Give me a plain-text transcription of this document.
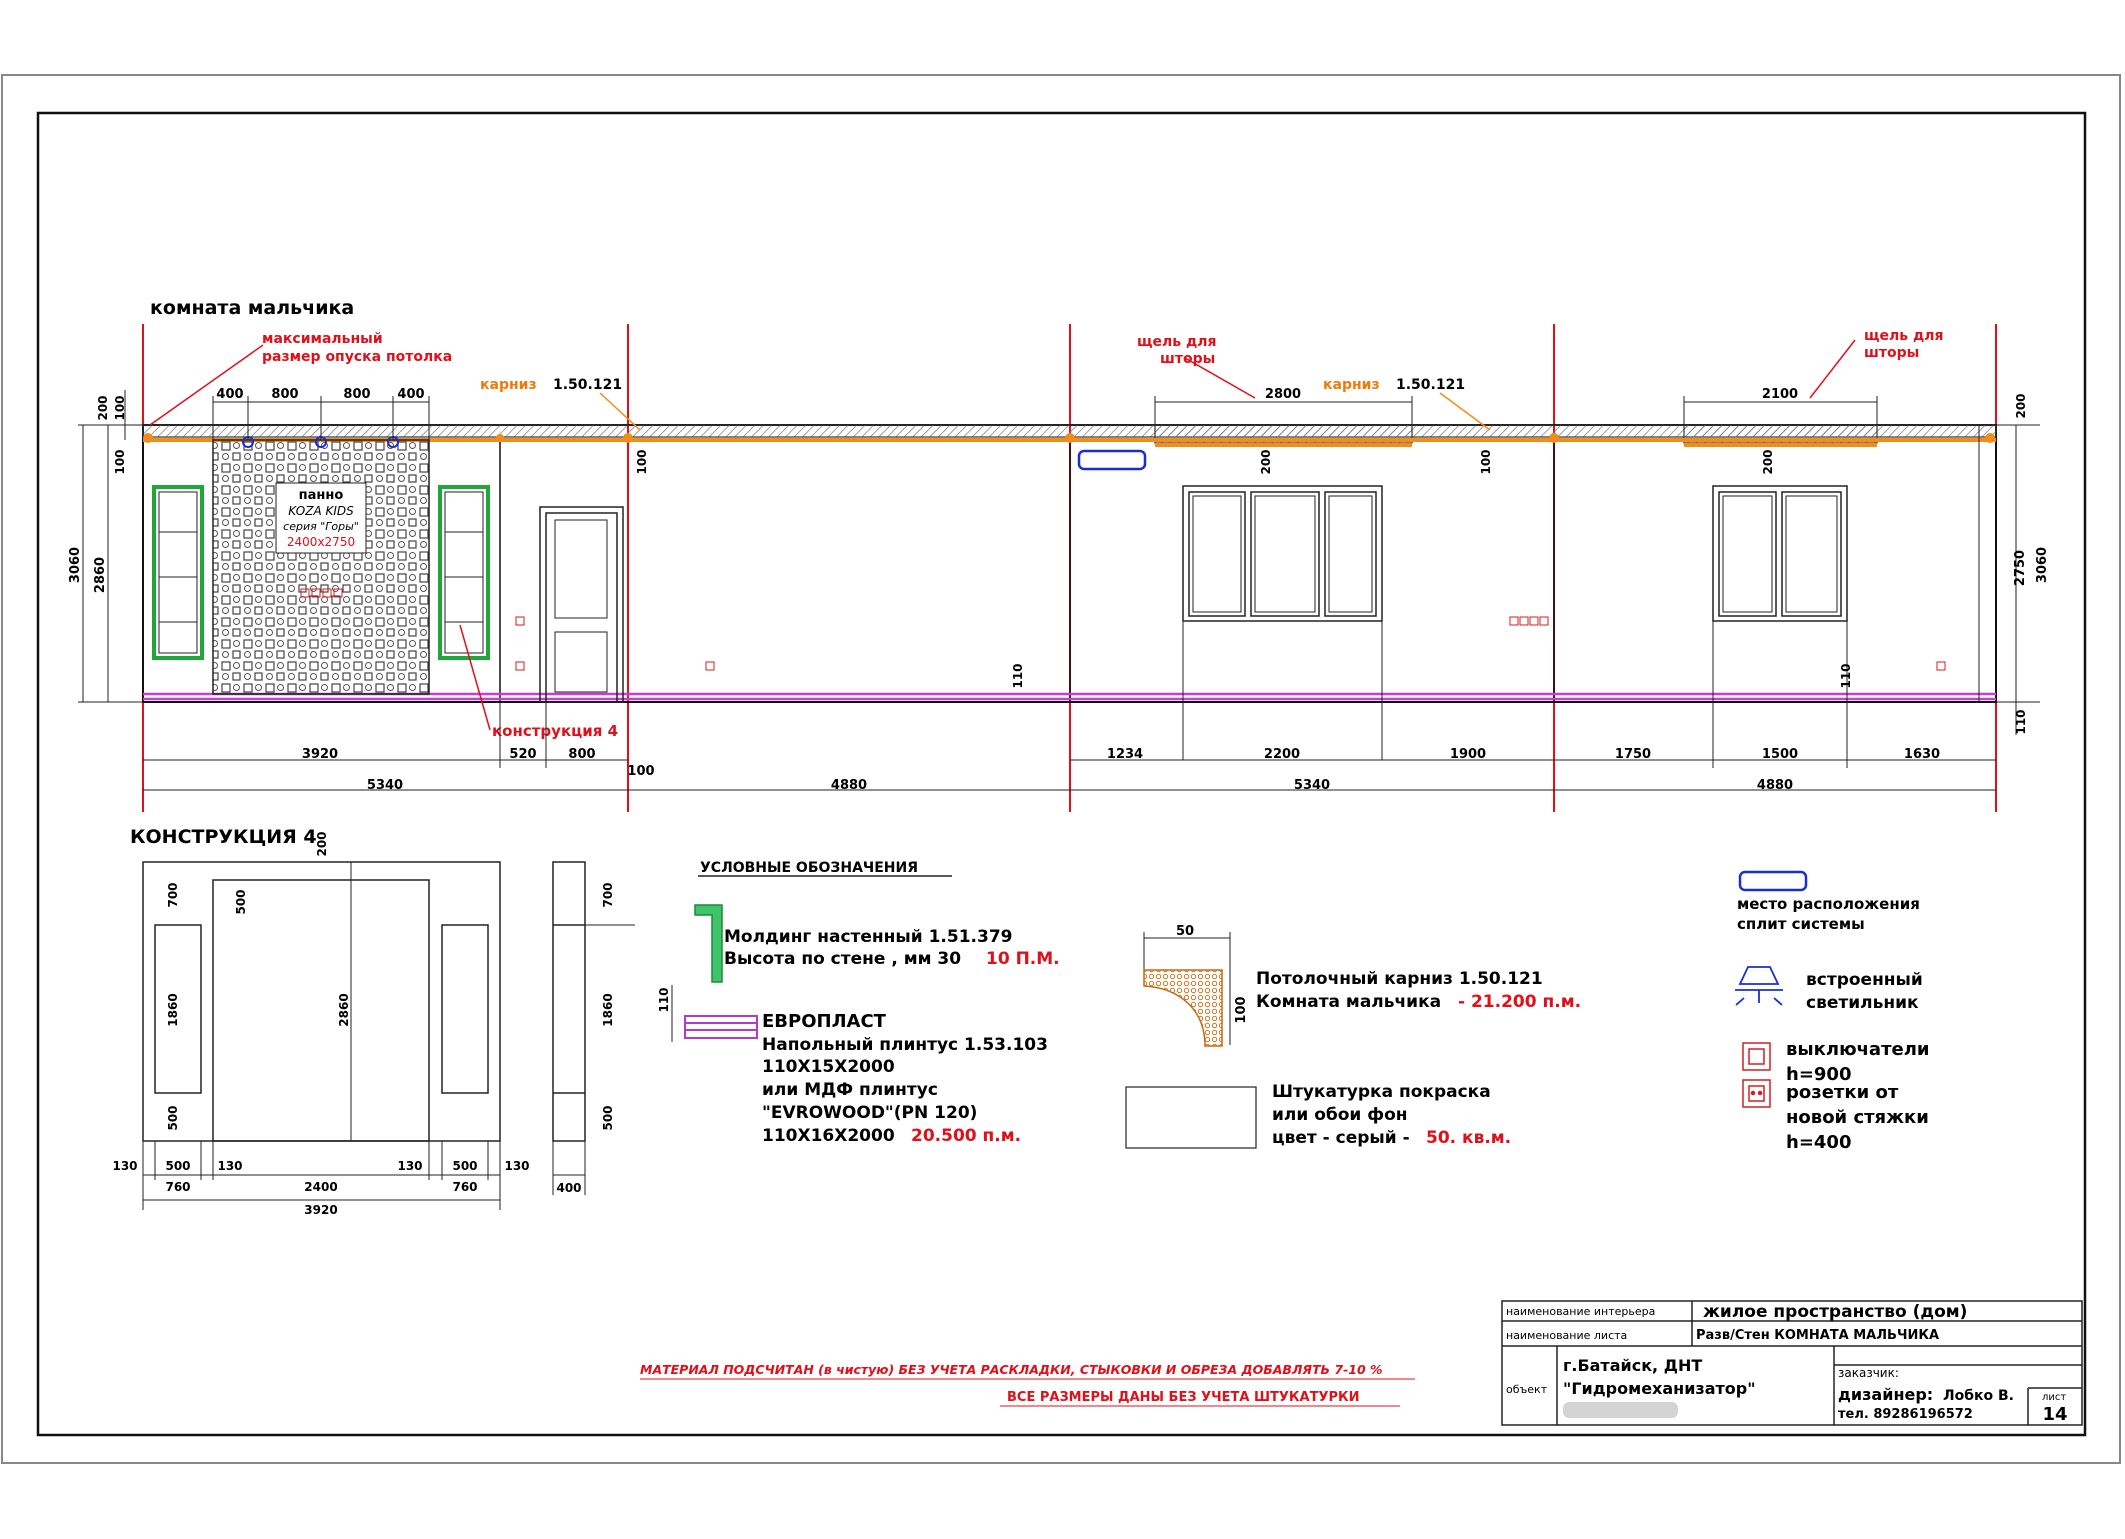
комната мальчика
панно
KOZA KIDS
серия "Горы"
2400х2750
максимальный
размер опуска потолка
карниз 1.50.121	карниз 1.50.121
щель для
шторы
щель для
шторы
конструкция 4
400 800	800 400	2800	2100
3060 2860
200 100
100	100	200	100	200
110	110
200
2750 3060
110
3920	520 800	1234	2200	1900	1750	1500	1630
5340
100
4880	5340	4880
КОНСТРУКЦИЯ 4
200
700	500
1860	2860
500
130 500 130	130 500 130
760	2400	760
3920
700
1860
500
400
УСЛОВНЫЕ ОБОЗНАЧЕНИЯ
Молдинг настенный 1.51.379
Высота по стене , мм 30 10 П.М.
110
ЕВРОПЛАСТ
Напольный плинтус 1.53.103
110Х15Х2000
или МДФ плинтус
"EVROWOOD"(PN 120)
110Х16Х2000 20.500 п.м.
50
100
Потолочный карниз 1.50.121
Комната мальчика - 21.200 п.м.
Штукатурка покраска
или обои фон
цвет - серый - 50. кв.м.
место расположения
сплит системы
встроенный
светильник
выключатели
h=900
розетки от
новой стяжки
h=400
МАТЕРИАЛ ПОДСЧИТАН (в чистую) БЕЗ УЧЕТА РАСКЛАДКИ, СТЫКОВКИ И ОБРЕЗА ДОБАВЛЯТЬ 7-10 %
ВСЕ РАЗМЕРЫ ДАНЫ БЕЗ УЧЕТА ШТУКАТУРКИ
наименование интерьера	жилое пространство (дом)
наименование листа	Разв/Стен КОМНАТА МАЛЬЧИКА
объект
г.Батайск, ДНТ
"Гидромеханизатор"
заказчик:
дизайнер: Лобко В.
тел. 89286196572
лист
14
